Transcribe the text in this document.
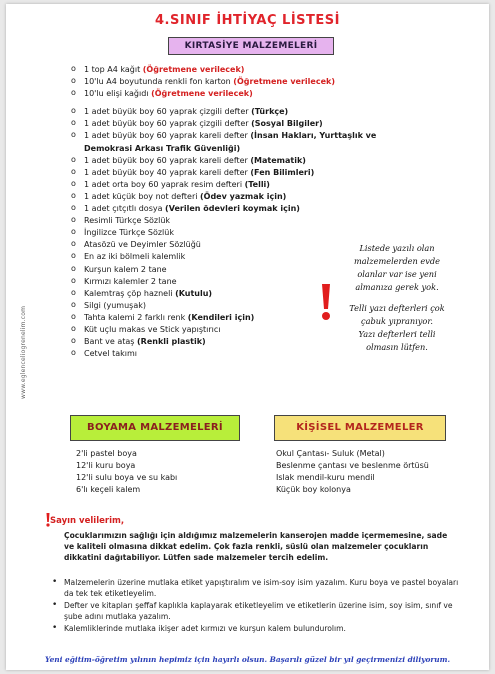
4.SINIF İHTİYAÇ LİSTESİ
KIRTASİYE MALZEMELERİ
www.eglenceliogrenelim.com
o 1 top A4 kağıt (Öğretmene verilecek)
o 10'lu A4 boyutunda renkli fon karton (Öğretmene verilecek)
o 10'lu elişi kağıdı (Öğretmene verilecek)
o 1 adet büyük boy 60 yaprak çizgili defter (Türkçe)
o 1 adet büyük boy 60 yaprak çizgili defter (Sosyal Bilgiler)
o 1 adet büyük boy 60 yaprak kareli defter (İnsan Hakları, Yurttaşlık ve Demokrasi Arkası Trafik Güvenliği)
o 1 adet büyük boy 60 yaprak kareli defter (Matematik)
o 1 adet büyük boy 40 yaprak kareli defter (Fen Bilimleri)
o 1 adet orta boy 60 yaprak resim defteri (Telli)
o 1 adet küçük boy not defteri (Ödev yazmak için)
o 1 adet çıtçıtlı dosya (Verilen ödevleri koymak için)
o Resimli Türkçe Sözlük
o İngilizce Türkçe Sözlük
o Atasözü ve Deyimler Sözlüğü
o En az iki bölmeli kalemlik
o Kurşun kalem 2 tane
o Kırmızı kalemler 2 tane
o Kalemtraş çöp hazneli (Kutulu)
o Silgi (yumuşak)
o Tahta kalemi 2 farklı renk (Kendileri için)
o Küt uçlu makas ve Stick yapıştırıcı
o Bant ve ataş (Renkli plastik)
o Cetvel takımı

Listede yazılı olan malzemelerden evde olanlar var ise yeni almanıza gerek yok.

Telli yazı defterleri çok çabuk yıpranıyor.

Yazı defterleri telli olmasın lütfen.

BOYAMA MALZEMELERİ	KİŞİSEL MALZEMELER
2'li pastel boya
12'li kuru boya
12'li sulu boya ve su kabı
6'lı keçeli kalem
Okul Çantası- Suluk (Metal)
Beslenme çantası ve beslenme örtüsü
Islak mendil-kuru mendil
Küçük boy kolonya
Sayın velilerim,
Çocuklarımızın sağlığı için aldığımız malzemelerin kanserojen madde içermemesine, sade ve kaliteli olmasına dikkat edelim. Çok fazla renkli, süslü olan malzemeler çocukların dikkatini dağıtabiliyor. Lütfen sade malzemeler tercih edelim.
• Malzemelerin üzerine mutlaka etiket yapıştıralım ve isim-soy isim yazalım. Kuru boya ve pastel boyaları da tek tek etiketleyelim.
• Defter ve kitapları şeffaf kaplıkla kaplayarak etiketleyelim ve etiketlerin üzerine isim, soy isim, sınıf ve şube adını mutlaka yazalım.
• Kalemliklerinde mutlaka ikişer adet kırmızı ve kurşun kalem bulundurolım.
Yeni eğitim-öğretim yılının hepimiz için hayırlı olsun. Başarılı güzel bir yıl geçirmenizi diliyorum.
